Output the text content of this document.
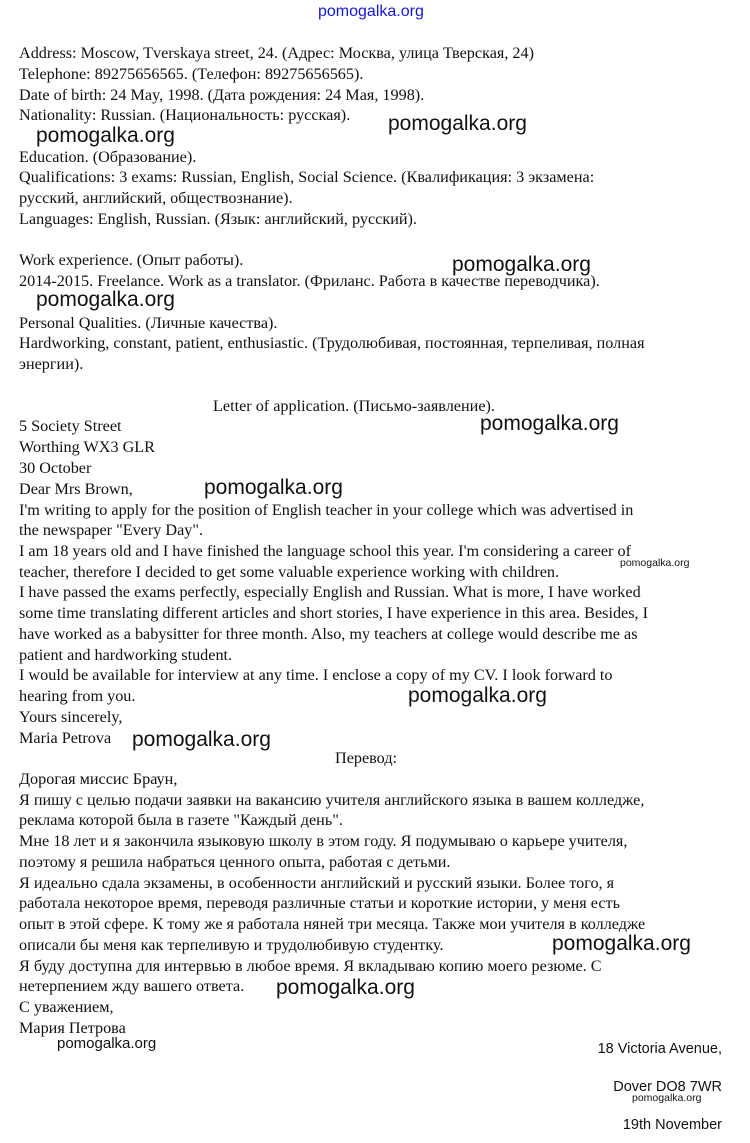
pomogalka.org
Address: Moscow, Tverskaya street, 24. (Адрес: Москва, улица Тверская, 24)
Telephone: 89275656565. (Телефон: 89275656565).
Date of birth: 24 May, 1998. (Дата рождения: 24 Мая, 1998).
Nationality: Russian. (Национальность: русская).
Education. (Образование).
Qualifications: 3 exams: Russian, English, Social Science. (Квалификация: 3 экзамена:
русский, английский, обществознание).
Languages: English, Russian. (Язык: английский, русский).
Work experience. (Опыт работы).
2014-2015. Freelance. Work as a translator. (Фриланс. Работа в качестве переводчика).
Personal Qualities. (Личные качества).
Hardworking, constant, patient, enthusiastic. (Трудолюбивая, постоянная, терпеливая, полная
энергии).
Letter of application. (Письмо-заявление).
5 Society Street
Worthing WX3 GLR
30 October
Dear Mrs Brown,
I'm writing to apply for the position of English teacher in your college which was advertised in
the newspaper "Every Day".
I am 18 years old and I have finished the language school this year. I'm considering a career of
teacher, therefore I decided to get some valuable experience working with children.
I have passed the exams perfectly, especially English and Russian. What is more, I have worked
some time translating different articles and short stories, I have experience in this area. Besides, I
have worked as a babysitter for three month. Also, my teachers at college would describe me as
patient and hardworking student.
I would be available for interview at any time. I enclose a copy of my CV. I look forward to
hearing from you.
Yours sincerely,
Maria Petrova
Перевод:
Дорогая миссис Браун,
Я пишу с целью подачи заявки на вакансию учителя английского языка в вашем колледже,
реклама которой была в газете "Каждый день".
Мне 18 лет и я закончила языковую школу в этом году. Я подумываю о карьере учителя,
поэтому я решила набраться ценного опыта, работая с детьми.
Я идеально сдала экзамены, в особенности английский и русский языки. Более того, я
работала некоторое время, переводя различные статьи и короткие истории, у меня есть
опыт в этой сфере. К тому же я работала няней три месяца. Также мои учителя в колледже
описали бы меня как терпеливую и трудолюбивую студентку.
Я буду доступна для интервью в любое время. Я вкладываю копию моего резюме. С
нетерпением жду вашего ответа.
С уважением,
Мария Петрова
18 Victoria Avenue,
Dover DO8 7WR
19th November
pomogalka.org
pomogalka.org
pomogalka.org
pomogalka.org
pomogalka.org
pomogalka.org
pomogalka.org
pomogalka.org
pomogalka.org
pomogalka.org
pomogalka.org
pomogalka.org
pomogalka.org
